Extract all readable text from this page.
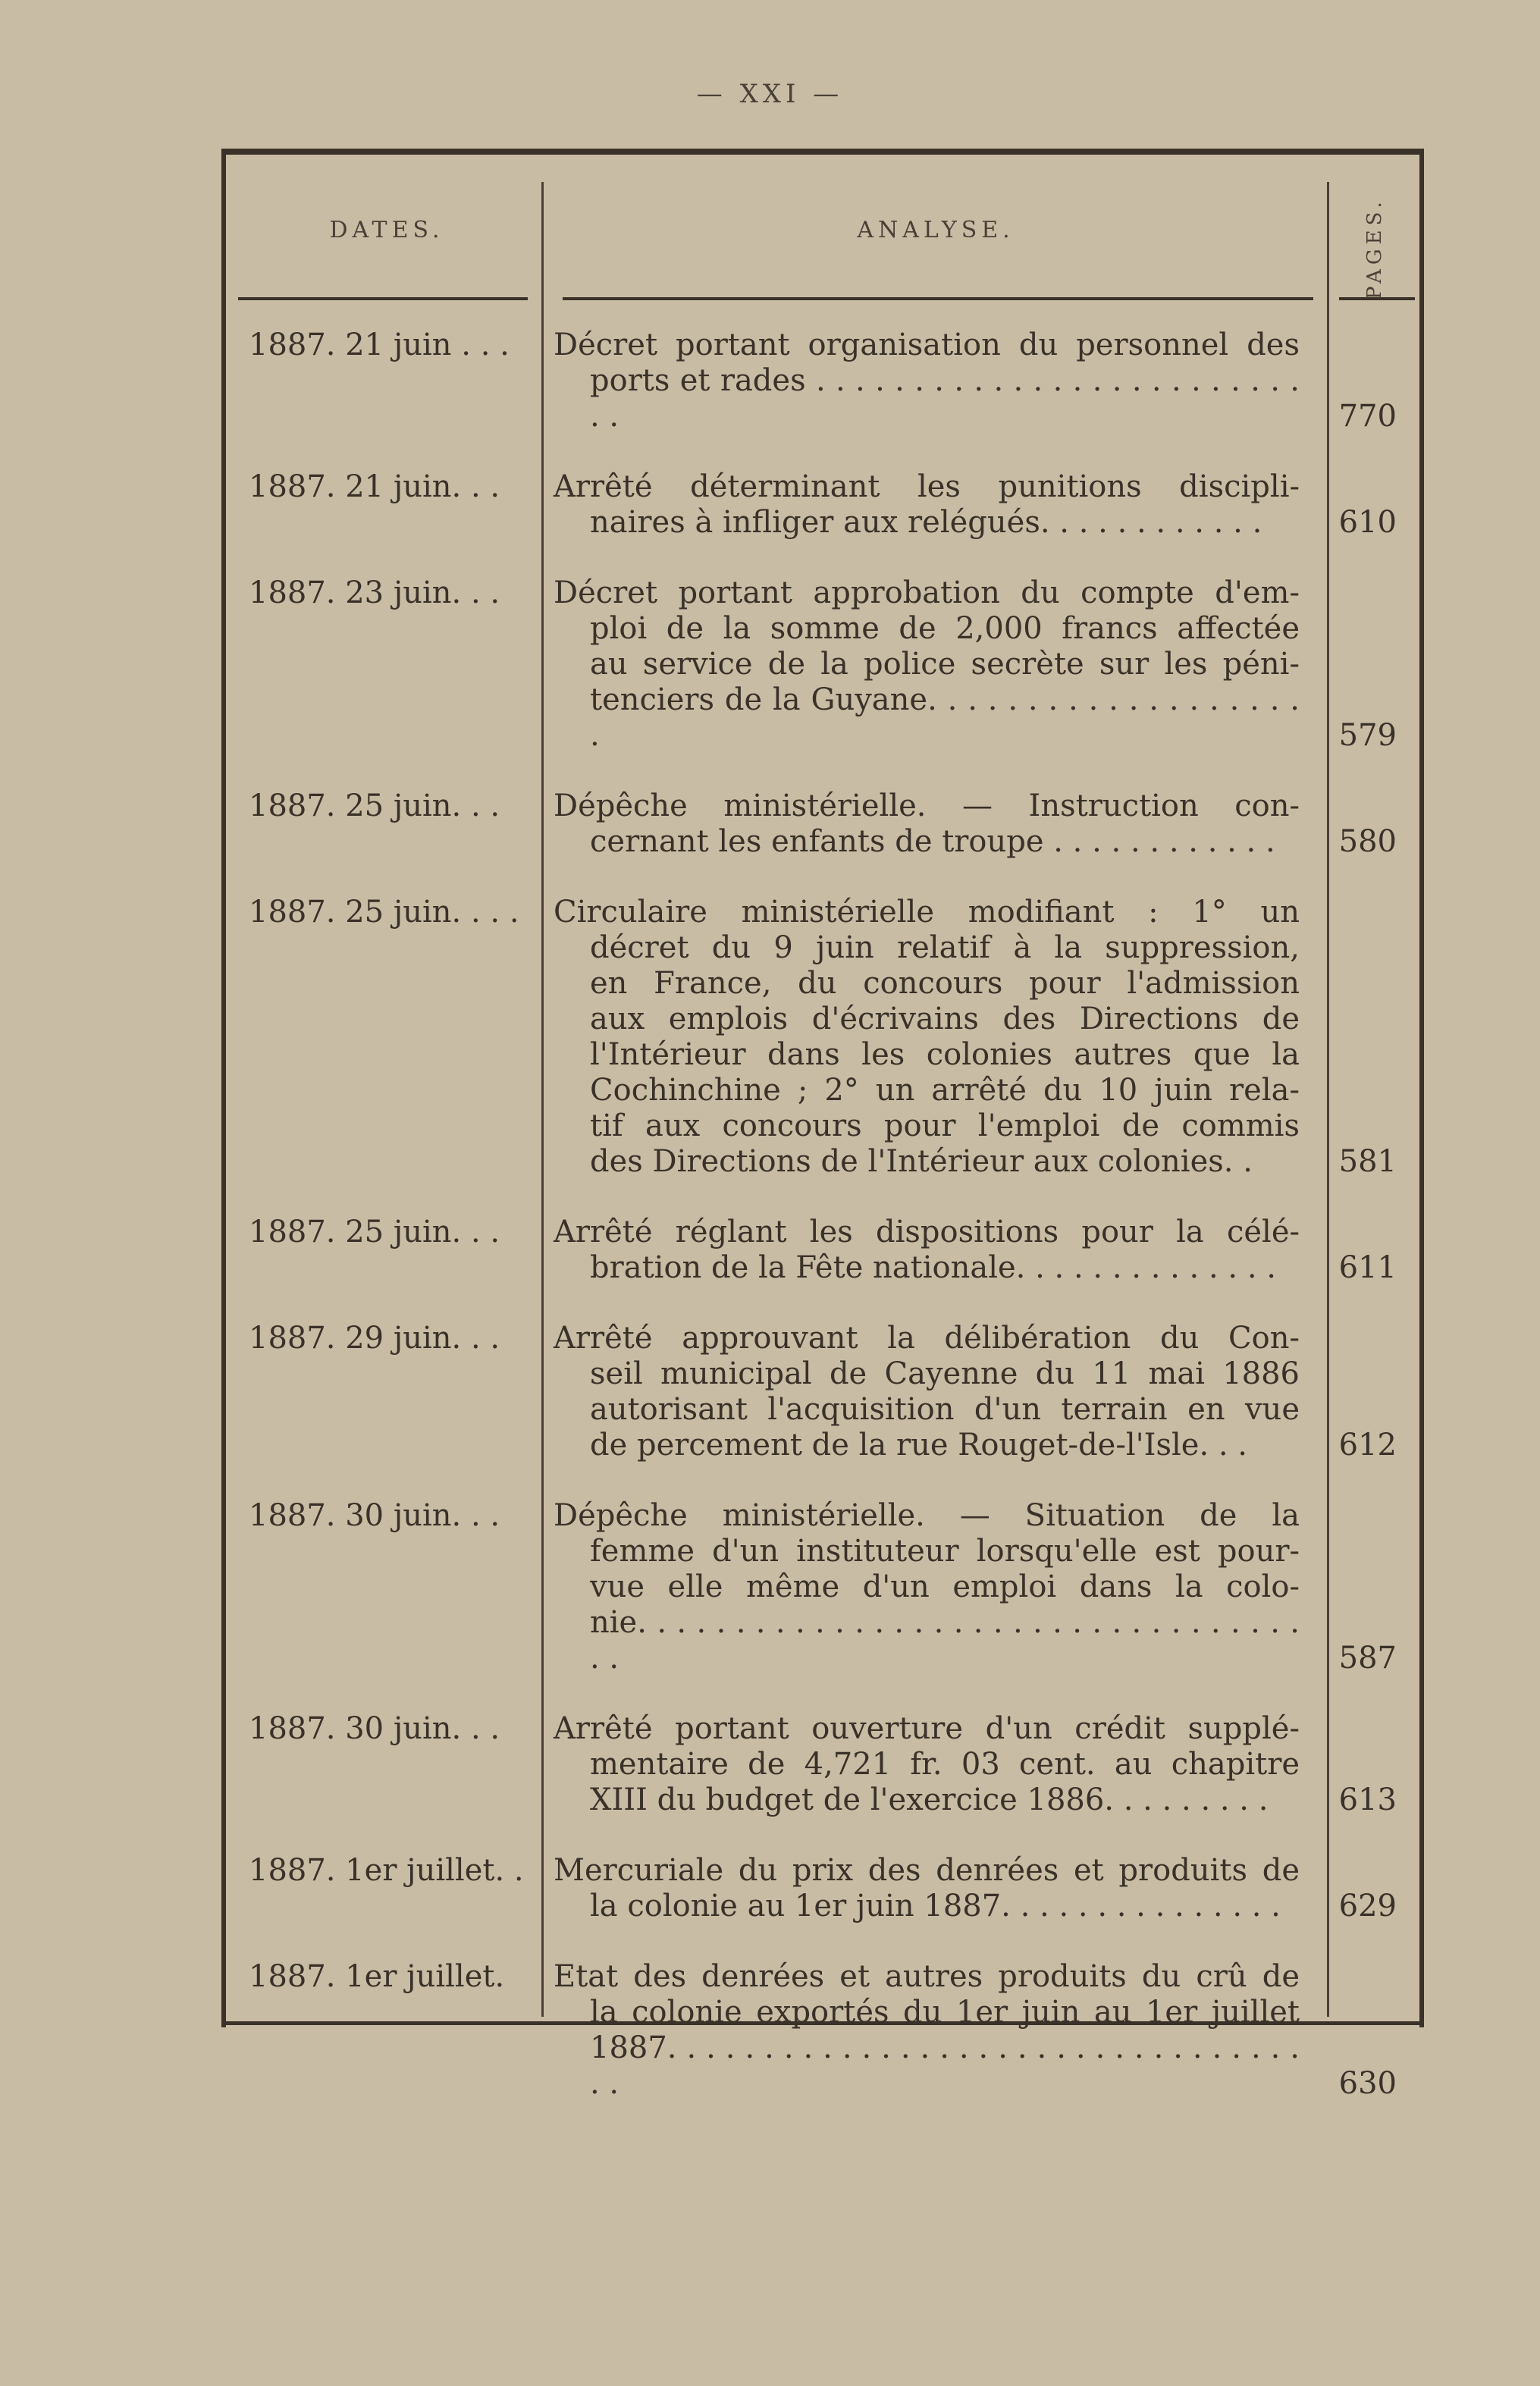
— XXI —
DATES.	ANALYSE.	PAGES.
1887. 21 juin . . .	Décret portant organisation du personnel des
ports et rades . . . . . . . . . . . . . . . . . . . . . . . . . . .	770
1887. 21 juin. . .	Arrêté déterminant les punitions discipli-
naires à infliger aux relégués. . . . . . . . . . . .	610
1887. 23 juin. . .	Décret portant approbation du compte d'em-
ploi de la somme de 2,000 francs affectée
au service de la police secrète sur les péni-
tenciers de la Guyane. . . . . . . . . . . . . . . . . . . .	579
1887. 25 juin. . .	Dépêche ministérielle. — Instruction con-
cernant les enfants de troupe . . . . . . . . . . . .	580
1887. 25 juin. . . . Circulaire ministérielle modifiant : 1° un
décret du 9 juin relatif à la suppression,
en France, du concours pour l'admission
aux emplois d'écrivains des Directions de
l'Intérieur dans les colonies autres que la
Cochinchine ; 2° un arrêté du 10 juin rela-
tif aux concours pour l'emploi de commis
des Directions de l'Intérieur aux colonies. .	581
1887. 25 juin. . .	Arrêté réglant les dispositions pour la célé-
bration de la Fête nationale. . . . . . . . . . . . . .	611
1887. 29 juin. . .	Arrêté approuvant la délibération du Con-
seil municipal de Cayenne du 11 mai 1886
autorisant l'acquisition d'un terrain en vue
de percement de la rue Rouget-de-l'Isle. . .	612
1887. 30 juin. . .	Dépêche ministérielle. — Situation de la
femme d'un instituteur lorsqu'elle est pour-
vue elle même d'un emploi dans la colo-
nie. . . . . . . . . . . . . . . . . . . . . . . . . . . . . . . . . . . .	587
1887. 30 juin. . .	Arrêté portant ouverture d'un crédit supplé-
mentaire de 4,721 fr. 03 cent. au chapitre
XIII du budget de l'exercice 1886. . . . . . . . .	613
1887. 1er juillet. . Mercuriale du prix des denrées et produits de
la colonie au 1er juin 1887. . . . . . . . . . . . . . .	629
1887. 1er juillet.	Etat des denrées et autres produits du crû de
la colonie exportés du 1er juin au 1er juillet
1887. . . . . . . . . . . . . . . . . . . . . . . . . . . . . . . . . . .	630
